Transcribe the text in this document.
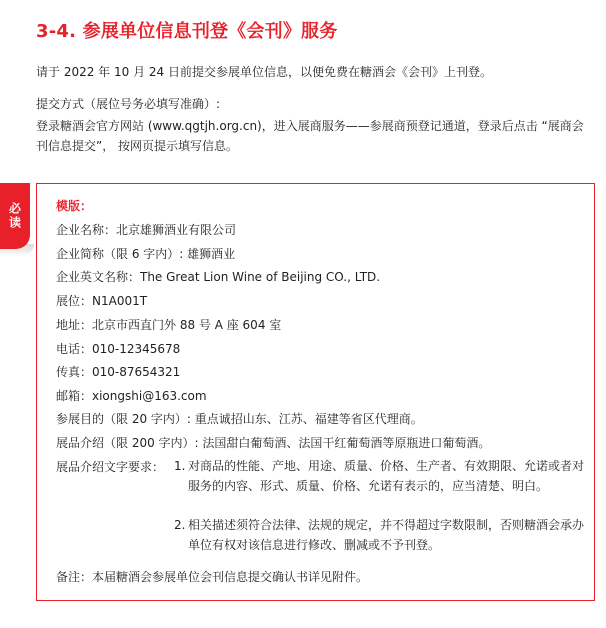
3-4. 参展单位信息刊登《会刊》服务
请于 2022 年 10 月 24 日前提交参展单位信息，以便免费在糖酒会《会刊》上刊登。
提交方式（展位号务必填写准确）:
登录糖酒会官方网站 (www.qgtjh.org.cn)，进入展商服务——参展商预登记通道，登录后点击 “展商会刊信息提交”， 按网页提示填写信息。
必读	模版：
企业名称：北京雄狮酒业有限公司
企业简称（限 6 字内）: 雄狮酒业
企业英文名称：The Great Lion Wine of Beijing CO., LTD.
展位：N1A001T
地址：北京市西直门外 88 号 A 座 604 室
电话：010-12345678
传真：010-87654321
邮箱：xiongshi@163.com
参展目的（限 20 字内）: 重点诚招山东、江苏、福建等省区代理商。
展品介绍（限 200 字内）: 法国甜白葡萄酒、法国干红葡萄酒等原瓶进口葡萄酒。
展品介绍文字要求： 1. 对商品的性能、产地、用途、质量、价格、生产者、有效期限、允诺或者对服务的内容、形式、质量、价格、允诺有表示的，应当清楚、明白。
2. 相关描述须符合法律、法规的规定，并不得超过字数限制，否则糖酒会承办单位有权对该信息进行修改、删减或不予刊登。
备注：本届糖酒会参展单位会刊信息提交确认书详见附件。
